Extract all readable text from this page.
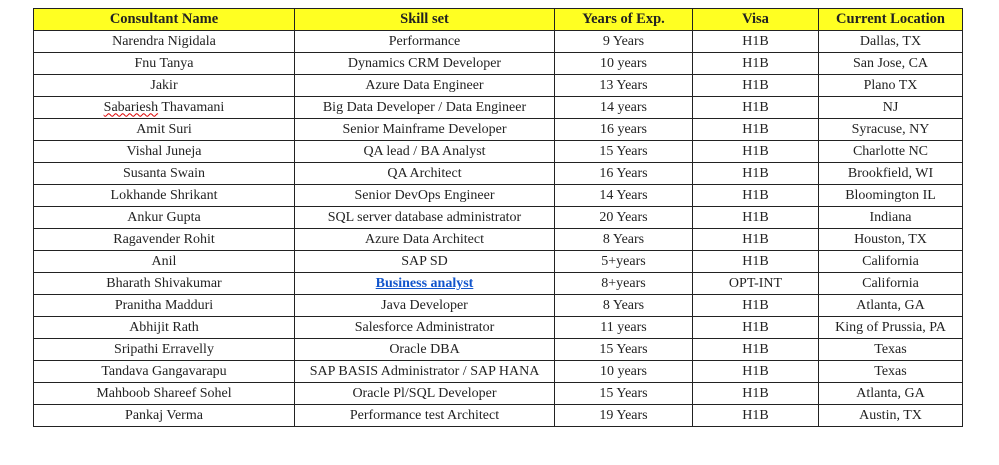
Consultant Name	Skill set	Years of Exp.	Visa	Current Location
Narendra Nigidala	Performance	9 Years	H1B	Dallas, TX
Fnu Tanya	Dynamics CRM Developer	10 years	H1B	San Jose, CA
Jakir	Azure Data Engineer	13 Years	H1B	Plano TX
Sabariesh Thavamani	Big Data Developer / Data Engineer	14 years	H1B	NJ
Amit Suri	Senior Mainframe Developer	16 years	H1B	Syracuse, NY
Vishal Juneja	QA lead / BA Analyst	15 Years	H1B	Charlotte NC
Susanta Swain	QA Architect	16 Years	H1B	Brookfield, WI
Lokhande Shrikant	Senior DevOps Engineer	14 Years	H1B	Bloomington IL
Ankur Gupta	SQL server database administrator	20 Years	H1B	Indiana
Ragavender Rohit	Azure Data Architect	8 Years	H1B	Houston, TX
Anil	SAP SD	5+years	H1B	California
Bharath Shivakumar	Business analyst	8+years	OPT-INT	California
Pranitha Madduri	Java Developer	8 Years	H1B	Atlanta, GA
Abhijit Rath	Salesforce Administrator	11 years	H1B	King of Prussia, PA
Sripathi Erravelly	Oracle DBA	15 Years	H1B	Texas
Tandava Gangavarapu	SAP BASIS Administrator / SAP HANA	10 years	H1B	Texas
Mahboob Shareef Sohel	Oracle Pl/SQL Developer	15 Years	H1B	Atlanta, GA
Pankaj Verma	Performance test Architect	19 Years	H1B	Austin, TX
